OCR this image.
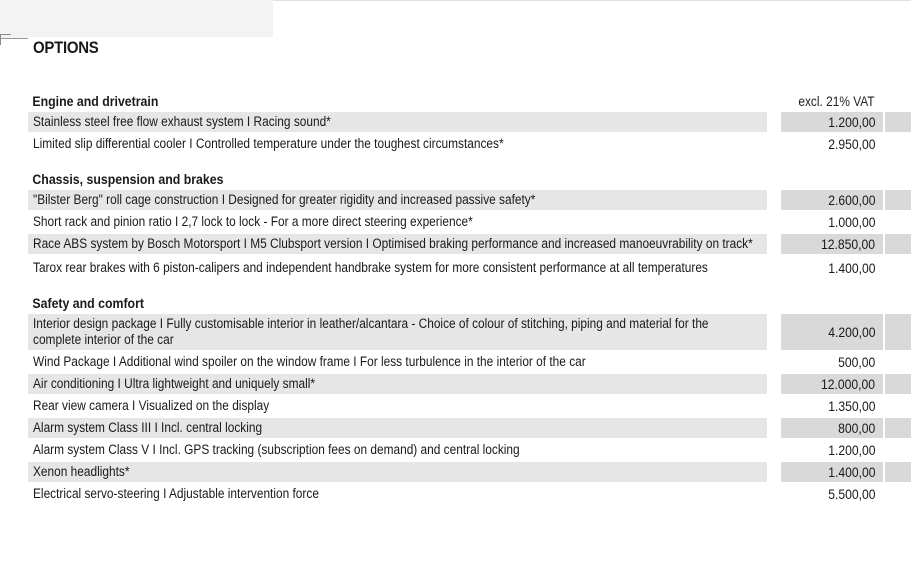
OPTIONS
Engine and drivetrain	excl. 21% VAT
Stainless steel free flow exhaust system I Racing sound*	1.200,00
Limited slip differential cooler I Controlled temperature under the toughest circumstances*	2.950,00
Chassis, suspension and brakes
"Bilster Berg" roll cage construction I Designed for greater rigidity and increased passive safety*	2.600,00
Short rack and pinion ratio I 2,7 lock to lock - For a more direct steering experience*	1.000,00
Race ABS system by Bosch Motorsport I M5 Clubsport version I Optimised braking performance and increased manoeuvrability on track*	12.850,00
Tarox rear brakes with 6 piston-calipers and independent handbrake system for more consistent performance at all temperatures	1.400,00
Safety and comfort
Interior design package I Fully customisable interior in leather/alcantara - Choice of colour of stitching, piping and material for the complete interior of the car	4.200,00
Wind Package I Additional wind spoiler on the window frame I For less turbulence in the interior of the car	500,00
Air conditioning I Ultra lightweight and uniquely small*	12.000,00
Rear view camera I Visualized on the display	1.350,00
Alarm system Class III I Incl. central locking	800,00
Alarm system Class V I Incl. GPS tracking (subscription fees on demand) and central locking	1.200,00
Xenon headlights*	1.400,00
Electrical servo-steering I Adjustable intervention force	5.500,00
